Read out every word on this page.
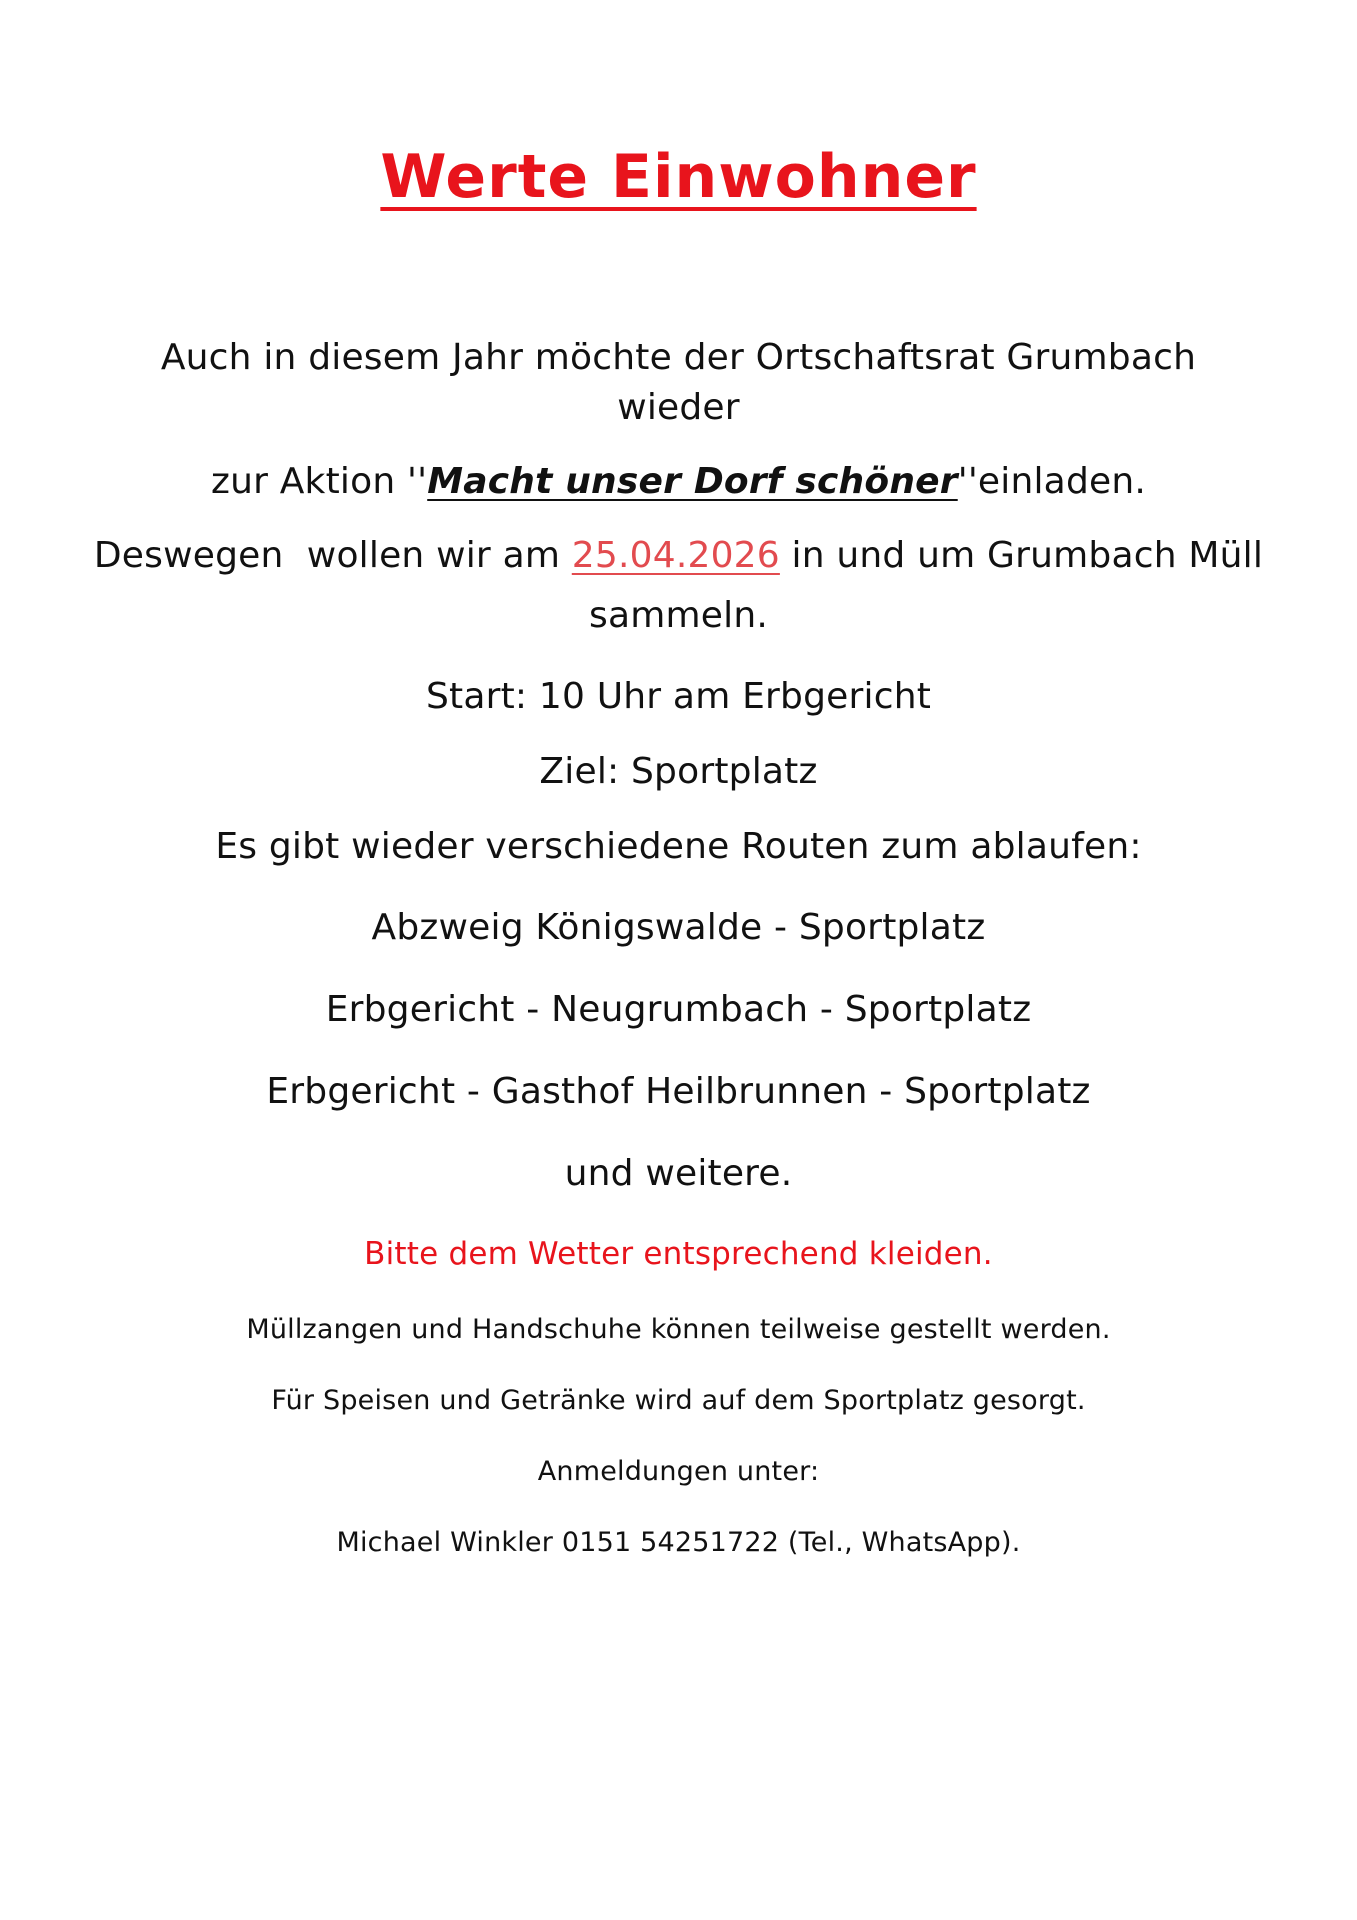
Werte Einwohner
Auch in diesem Jahr möchte der Ortschaftsrat Grumbach
wieder
zur Aktion ''Macht unser Dorf schöner''einladen.
Deswegen  wollen wir am 25.04.2026 in und um Grumbach Müll
sammeln.
Start: 10 Uhr am Erbgericht
Ziel: Sportplatz
Es gibt wieder verschiedene Routen zum ablaufen:
Abzweig Königswalde - Sportplatz
Erbgericht - Neugrumbach - Sportplatz
Erbgericht - Gasthof Heilbrunnen - Sportplatz
und weitere.
Bitte dem Wetter entsprechend kleiden.
Müllzangen und Handschuhe können teilweise gestellt werden.
Für Speisen und Getränke wird auf dem Sportplatz gesorgt.
Anmeldungen unter:
Michael Winkler 0151 54251722 (Tel., WhatsApp).
